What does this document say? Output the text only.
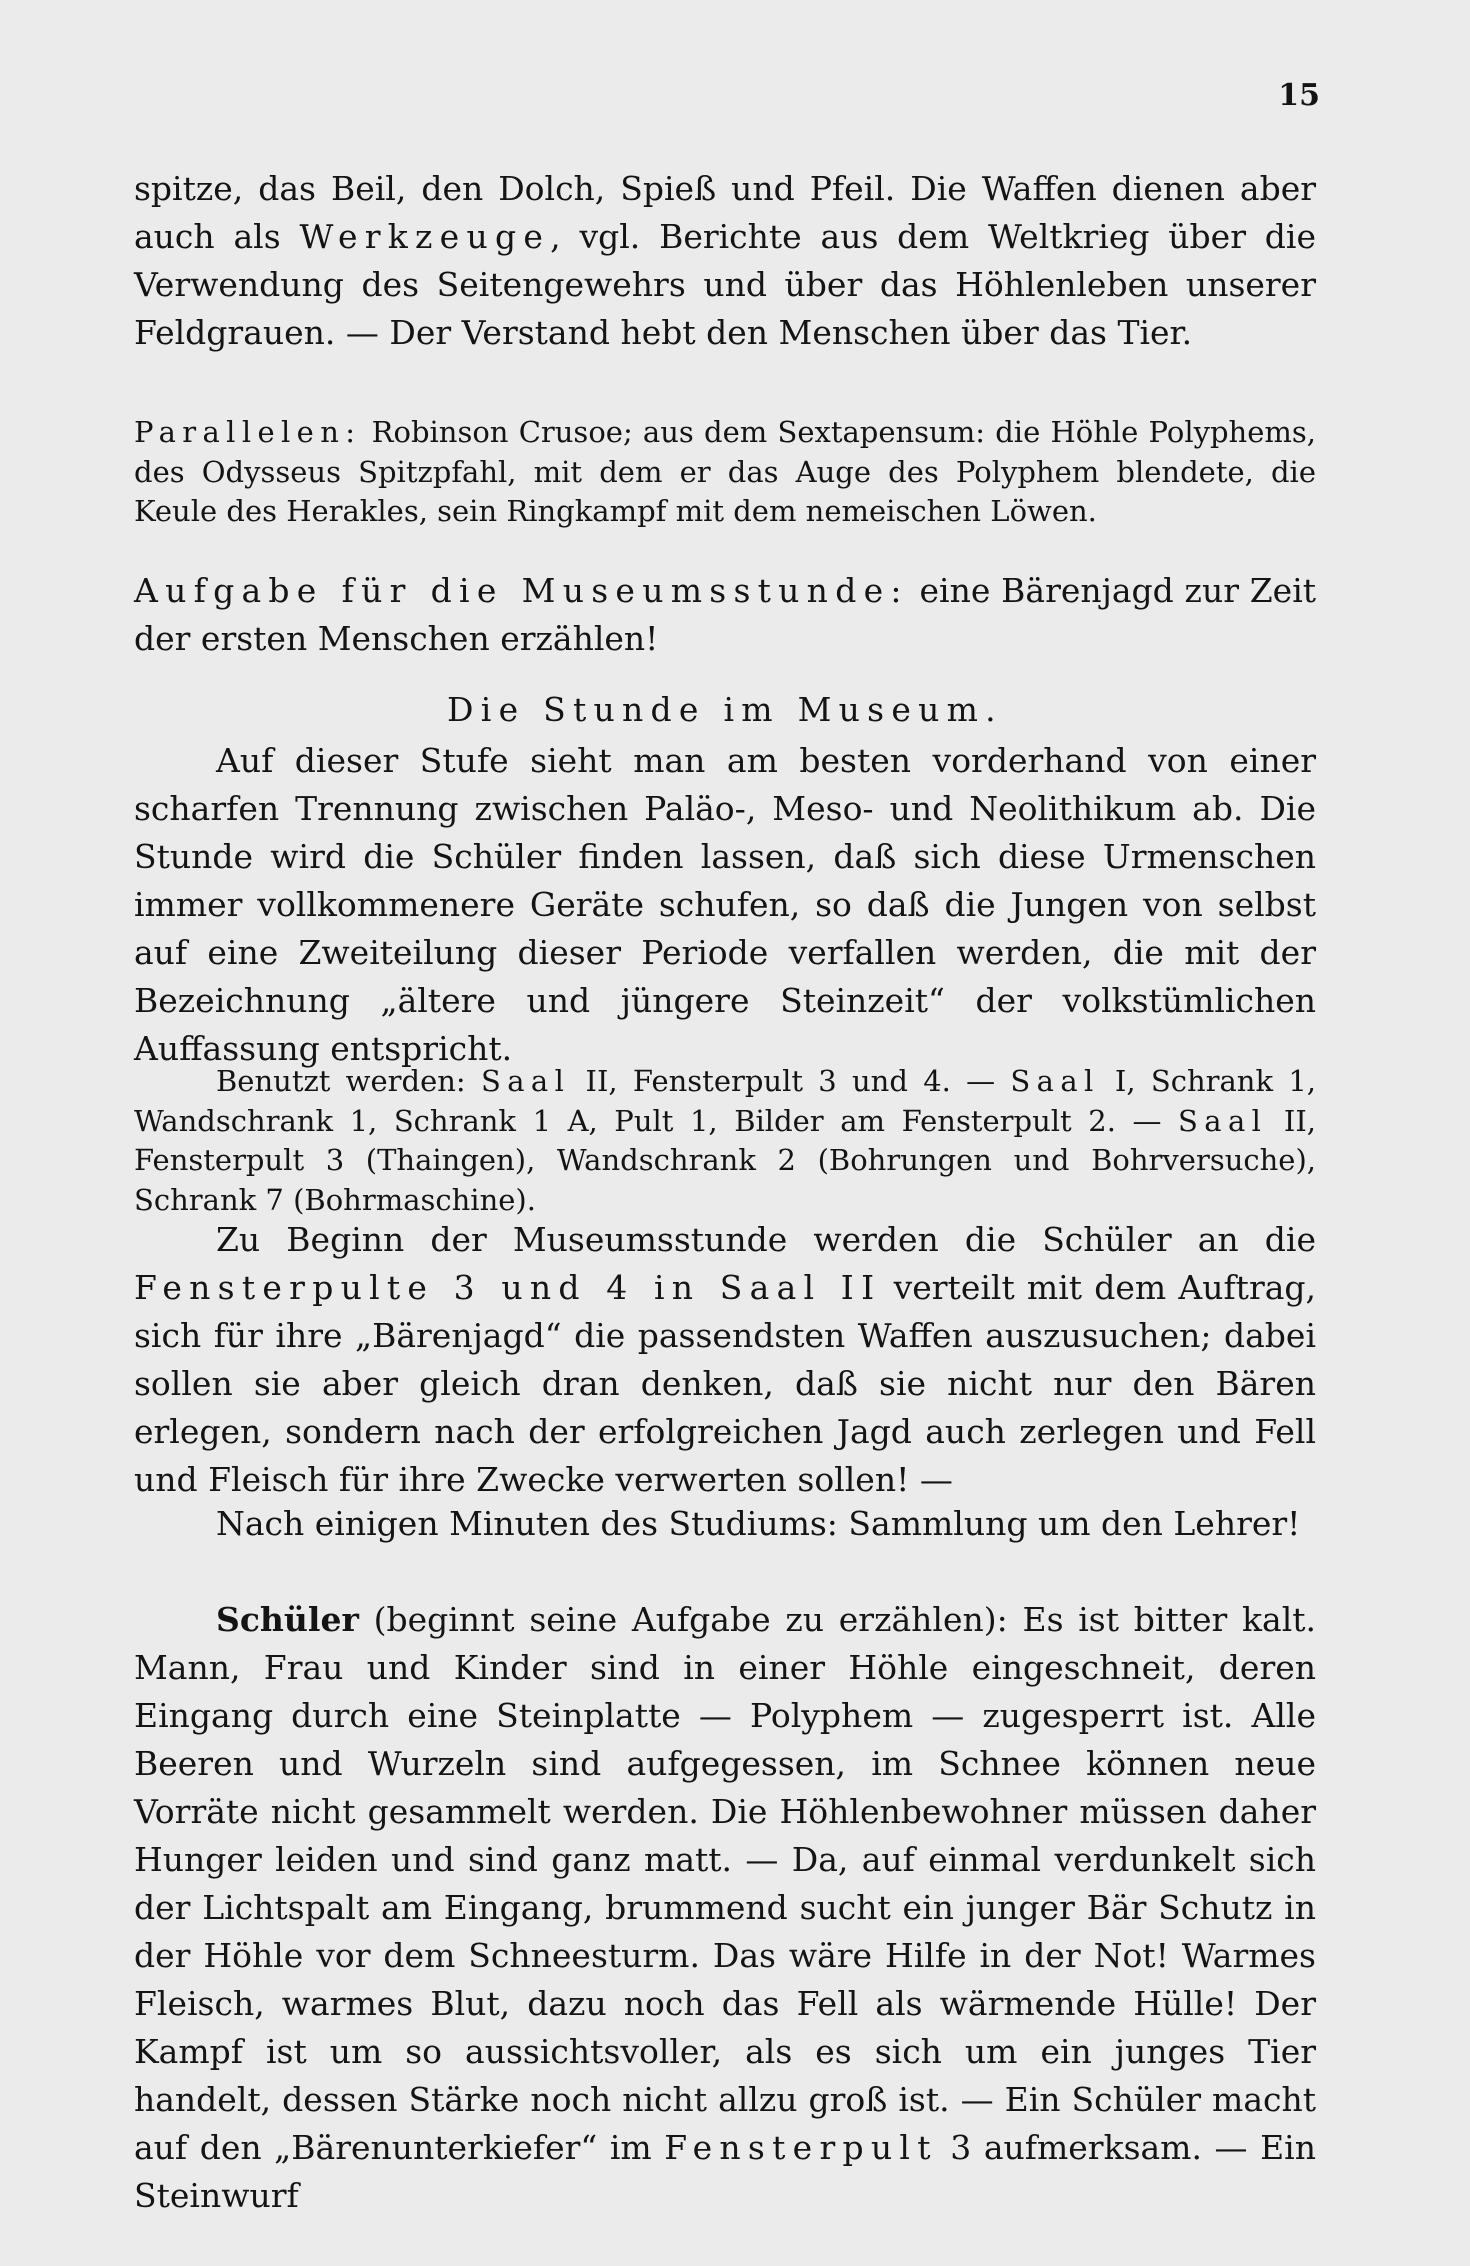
15

spitze, das Beil, den Dolch, Spieß und Pfeil. Die Waffen dienen aber auch als Werkzeuge, vgl. Berichte aus dem Weltkrieg über die Verwendung des Seitengewehrs und über das Höhlenleben unserer Feldgrauen. — Der Verstand hebt den Menschen über das Tier.

Parallelen: Robinson Crusoe; aus dem Sextapensum: die Höhle Polyphems, des Odysseus Spitzpfahl, mit dem er das Auge des Polyphem blendete, die Keule des Herakles, sein Ringkampf mit dem nemeischen Löwen.

Aufgabe für die Museumsstunde: eine Bärenjagd zur Zeit der ersten Menschen erzählen!

Die Stunde im Museum.

Auf dieser Stufe sieht man am besten vorderhand von einer scharfen Trennung zwischen Paläo-, Meso- und Neolithikum ab. Die Stunde wird die Schüler finden lassen, daß sich diese Urmenschen immer vollkommenere Geräte schufen, so daß die Jungen von selbst auf eine Zweiteilung dieser Periode verfallen werden, die mit der Bezeichnung „ältere und jüngere Steinzeit“ der volkstümlichen Auffassung entspricht.

Benutzt werden: Saal II, Fensterpult 3 und 4. — Saal I, Schrank 1, Wandschrank 1, Schrank 1 A, Pult 1, Bilder am Fensterpult 2. — Saal II, Fensterpult 3 (Thaingen), Wandschrank 2 (Bohrungen und Bohrversuche), Schrank 7 (Bohrmaschine).

Zu Beginn der Museumsstunde werden die Schüler an die Fensterpulte 3 und 4 in Saal II verteilt mit dem Auftrag, sich für ihre „Bärenjagd“ die passendsten Waffen auszusuchen; dabei sollen sie aber gleich dran denken, daß sie nicht nur den Bären erlegen, sondern nach der erfolgreichen Jagd auch zerlegen und Fell und Fleisch für ihre Zwecke verwerten sollen! —

Nach einigen Minuten des Studiums: Sammlung um den Lehrer!

Schüler (beginnt seine Aufgabe zu erzählen): Es ist bitter kalt. Mann, Frau und Kinder sind in einer Höhle eingeschneit, deren Eingang durch eine Steinplatte — Polyphem — zugesperrt ist. Alle Beeren und Wurzeln sind aufgegessen, im Schnee können neue Vorräte nicht gesammelt werden. Die Höhlenbewohner müssen daher Hunger leiden und sind ganz matt. — Da, auf einmal verdunkelt sich der Lichtspalt am Eingang, brummend sucht ein junger Bär Schutz in der Höhle vor dem Schneesturm. Das wäre Hilfe in der Not! Warmes Fleisch, warmes Blut, dazu noch das Fell als wärmende Hülle! Der Kampf ist um so aussichtsvoller, als es sich um ein junges Tier handelt, dessen Stärke noch nicht allzu groß ist. — Ein Schüler macht auf den „Bärenunterkiefer“ im Fensterpult 3 aufmerksam. — Ein Steinwurf
